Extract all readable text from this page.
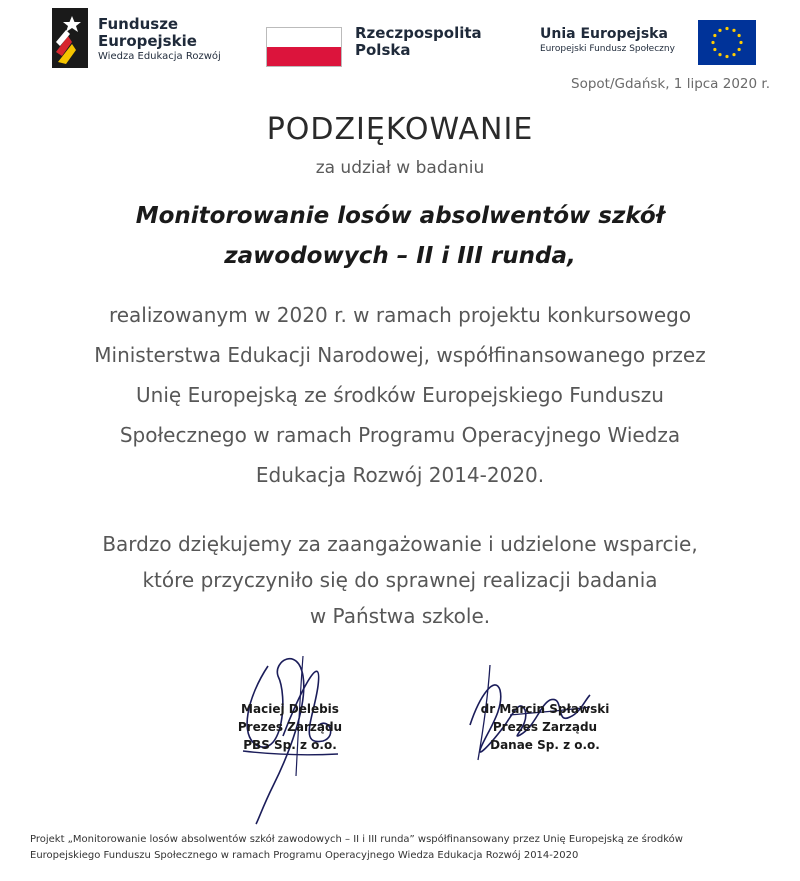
Fundusze
Europejskie
Wiedza Edukacja Rozwój
Rzeczpospolita
Polska
Unia Europejska
Europejski Fundusz Społeczny
Sopot/Gdańsk, 1 lipca 2020 r.
PODZIĘKOWANIE
za udział w badaniu
Monitorowanie losów absolwentów szkół
zawodowych – II i III runda,
realizowanym w 2020 r. w ramach projektu konkursowego
Ministerstwa Edukacji Narodowej, współfinansowanego przez
Unię Europejską ze środków Europejskiego Funduszu
Społecznego w ramach Programu Operacyjnego Wiedza
Edukacja Rozwój 2014-2020.
Bardzo dziękujemy za zaangażowanie i udzielone wsparcie,
które przyczyniło się do sprawnej realizacji badania
w Państwa szkole.
Maciej Delebis
Prezes Zarządu
PBS Sp. z o.o.
dr Marcin Spławski
Prezes Zarządu
Danae Sp. z o.o.
Projekt „Monitorowanie losów absolwentów szkół zawodowych – II i III runda” współfinansowany przez Unię Europejską ze środków
Europejskiego Funduszu Społecznego w ramach Programu Operacyjnego Wiedza Edukacja Rozwój 2014-2020
